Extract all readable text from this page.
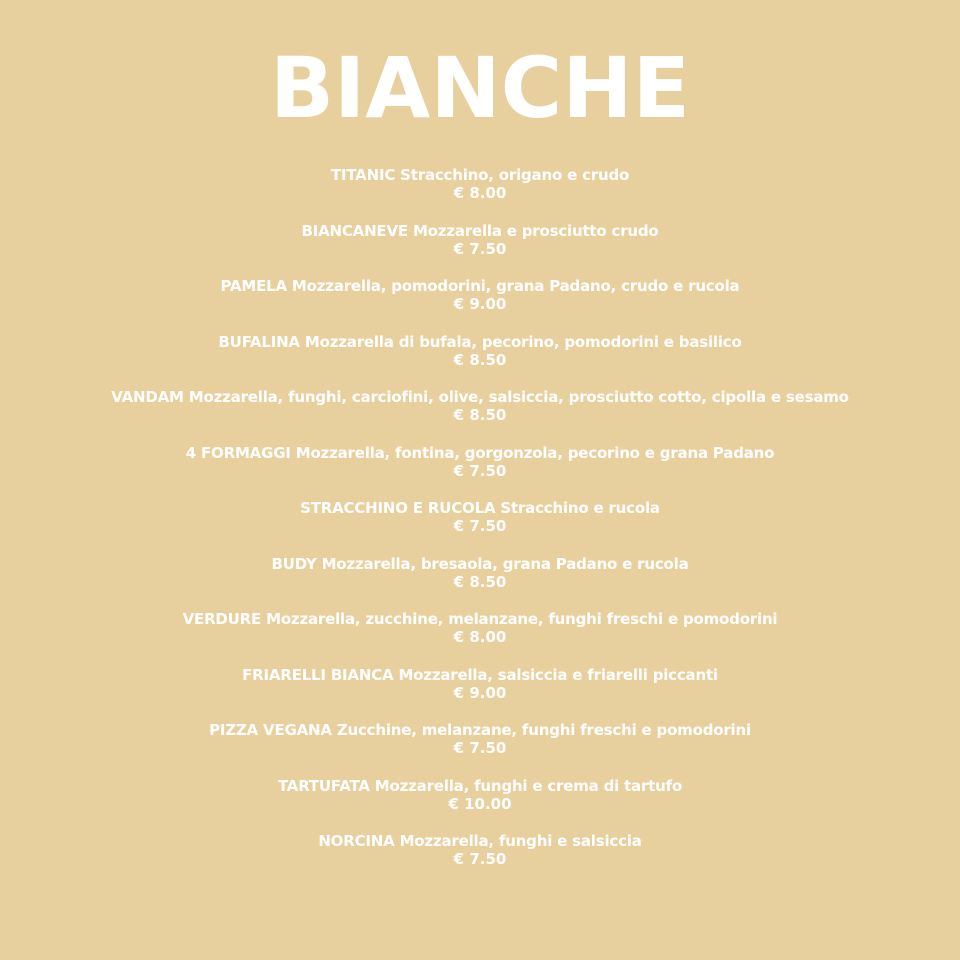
BIANCHE
TITANIC Stracchino, origano e crudo
€ 8.00
BIANCANEVE Mozzarella e prosciutto crudo
€ 7.50
PAMELA Mozzarella, pomodorini, grana Padano, crudo e rucola
€ 9.00
BUFALINA Mozzarella di bufala, pecorino, pomodorini e basilico
€ 8.50
VANDAM Mozzarella, funghi, carciofini, olive, salsiccia, prosciutto cotto, cipolla e sesamo
€ 8.50
4 FORMAGGI Mozzarella, fontina, gorgonzola, pecorino e grana Padano
€ 7.50
STRACCHINO E RUCOLA Stracchino e rucola
€ 7.50
BUDY Mozzarella, bresaola, grana Padano e rucola
€ 8.50
VERDURE Mozzarella, zucchine, melanzane, funghi freschi e pomodorini
€ 8.00
FRIARELLI BIANCA Mozzarella, salsiccia e friarelli piccanti
€ 9.00
PIZZA VEGANA Zucchine, melanzane, funghi freschi e pomodorini
€ 7.50
TARTUFATA Mozzarella, funghi e crema di tartufo
€ 10.00
NORCINA Mozzarella, funghi e salsiccia
€ 7.50
